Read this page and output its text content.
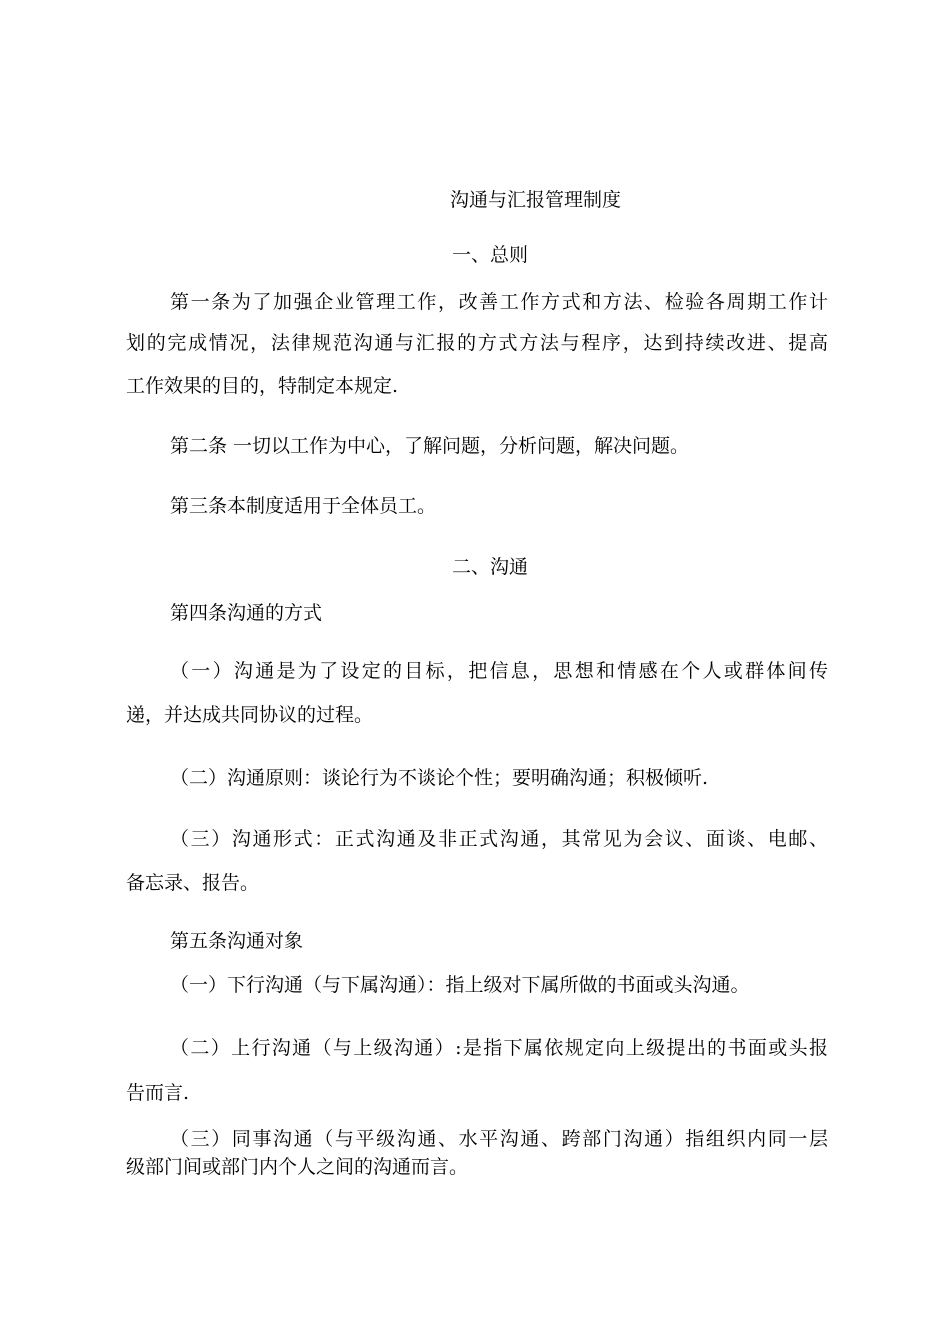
沟通与汇报管理制度
一、总则
第一条为了加强企业管理工作，改善工作方式和方法、检验各周期工作计
划的完成情况，法律规范沟通与汇报的方式方法与程序，达到持续改进、提高
工作效果的目的，特制定本规定.
第二条 一切以工作为中心，了解问题，分析问题，解决问题。
第三条本制度适用于全体员工。
二、沟通
第四条沟通的方式
（一）沟通是为了设定的目标，把信息，思想和情感在个人或群体间传
递，并达成共同协议的过程。
（二）沟通原则：谈论行为不谈论个性；要明确沟通；积极倾听.
（三）沟通形式：正式沟通及非正式沟通，其常见为会议、面谈、电邮、
备忘录、报告。
第五条沟通对象
（一）下行沟通（与下属沟通）：指上级对下属所做的书面或头沟通。
（二）上行沟通（与上级沟通）:是指下属依规定向上级提出的书面或头报
告而言.
（三）同事沟通（与平级沟通、水平沟通、跨部门沟通）指组织内同一层
级部门间或部门内个人之间的沟通而言。
